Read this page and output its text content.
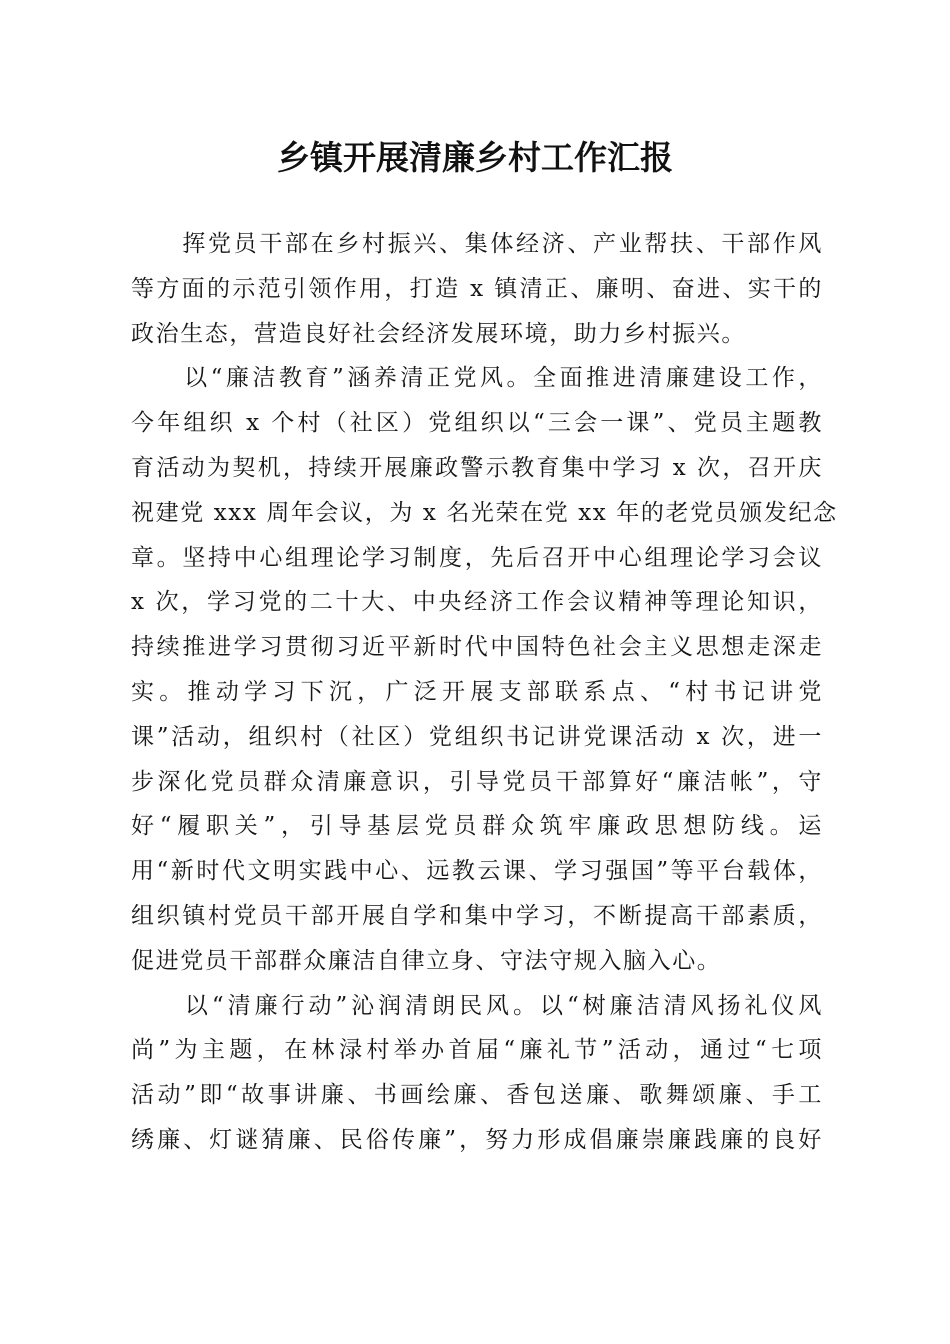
乡镇开展清廉乡村工作汇报
　　挥党员干部在乡村振兴、集体经济、产业帮扶、干部作风
等方面的示范引领作用，打造 x 镇清正、廉明、奋进、实干的
政治生态，营造良好社会经济发展环境，助力乡村振兴。
　　以“廉洁教育”涵养清正党风。全面推进清廉建设工作，
今年组织 x 个村（社区）党组织以“三会一课”、党员主题教
育活动为契机，持续开展廉政警示教育集中学习 x 次，召开庆
祝建党 xxx 周年会议，为 x 名光荣在党 xx 年的老党员颁发纪念
章。坚持中心组理论学习制度，先后召开中心组理论学习会议
x 次，学习党的二十大、中央经济工作会议精神等理论知识，
持续推进学习贯彻习近平新时代中国特色社会主义思想走深走
实。推动学习下沉，广泛开展支部联系点、“村书记讲党
课”活动，组织村（社区）党组织书记讲党课活动 x 次，进一
步深化党员群众清廉意识，引导党员干部算好“廉洁帐”，守
好“履职关”，引导基层党员群众筑牢廉政思想防线。运
用“新时代文明实践中心、远教云课、学习强国”等平台载体，
组织镇村党员干部开展自学和集中学习，不断提高干部素质，
促进党员干部群众廉洁自律立身、守法守规入脑入心。
　　以“清廉行动”沁润清朗民风。以“树廉洁清风扬礼仪风
尚”为主题，在林渌村举办首届“廉礼节”活动，通过“七项
活动”即“故事讲廉、书画绘廉、香包送廉、歌舞颂廉、手工
绣廉、灯谜猜廉、民俗传廉”，努力形成倡廉崇廉践廉的良好
